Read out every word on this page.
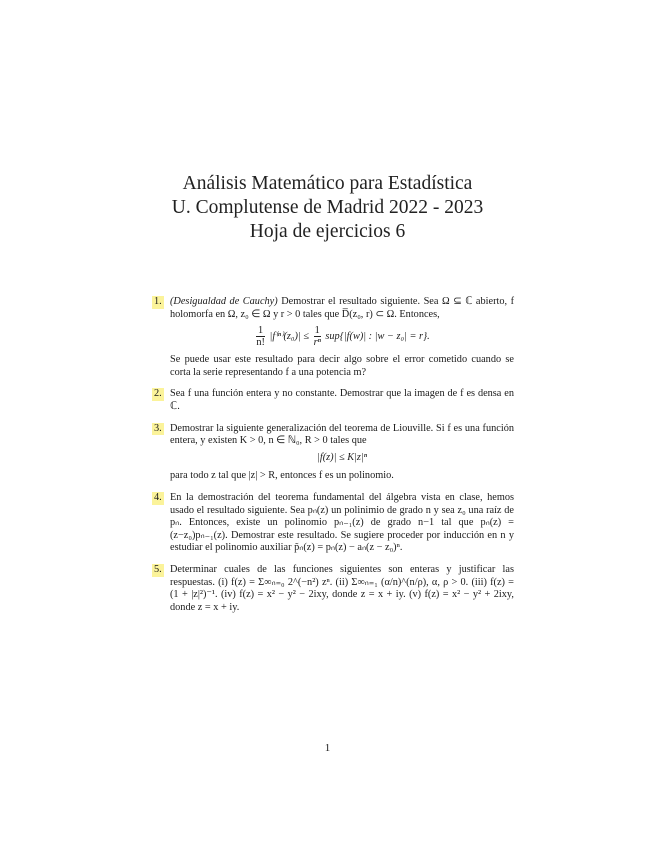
Análisis Matemático para Estadística
U. Complutense de Madrid 2022 - 2023
Hoja de ejercicios 6
1. (Desigualdad de Cauchy) Demostrar el resultado siguiente. Sea Ω ⊆ ℂ abierto, f holomorfa en Ω, z₀ ∈ Ω y r > 0 tales que D̅(z₀, r) ⊂ Ω. Entonces,
$\frac{1}{n!} |f^{(n)}(z_0)| \le \frac{1}{\text{rⁿ}} sup\{|f(w)|$ : |w − z₀| = r}.
Se puede usar este resultado para decir algo sobre el error cometido cuando se corta la serie representando f a una potencia m?
2. Sea f una función entera y no constante. Demostrar que la imagen de f es densa en ℂ.
3. Demostrar la siguiente generalización del teorema de Liouville. Si f es una función entera, y existen K > 0, n ∈ ℕ₀, R > 0 tales que
|f(z)| ≤ K|z|ⁿ
para todo z tal que |z| > R, entonces f es un polinomio.
4. En la demostración del teorema fundamental del álgebra vista en clase, hemos usado el resultado siguiente. Sea pₙ(z) un polinimio de grado n y sea z₀ una raíz de pₙ. Entonces, existe un polinomio pₙ₋₁(z) de grado n−1 tal que pₙ(z) = (z−z₀)pₙ₋₁(z). Demostrar este resultado. Se sugiere proceder por inducción en n y estudiar el polinomio auxiliar p̃ₙ(z) = pₙ(z) − aₙ(z − z₀)ⁿ.
5. Determinar cuales de las funciones siguientes son enteras y justificar las respuestas. (i) f(z) = Σ∞ₙ₌₀ 2^(−n²) zⁿ. (ii) Σ∞ₙ₌₁ (α/n)^(n/ρ), α, ρ > 0. (iii) f(z) = (1 + |z|²)⁻¹. (iv) f(z) = x² − y² − 2ixy, donde z = x + iy. (v) f(z) = x² − y² + 2ixy, donde z = x + iy.
1
